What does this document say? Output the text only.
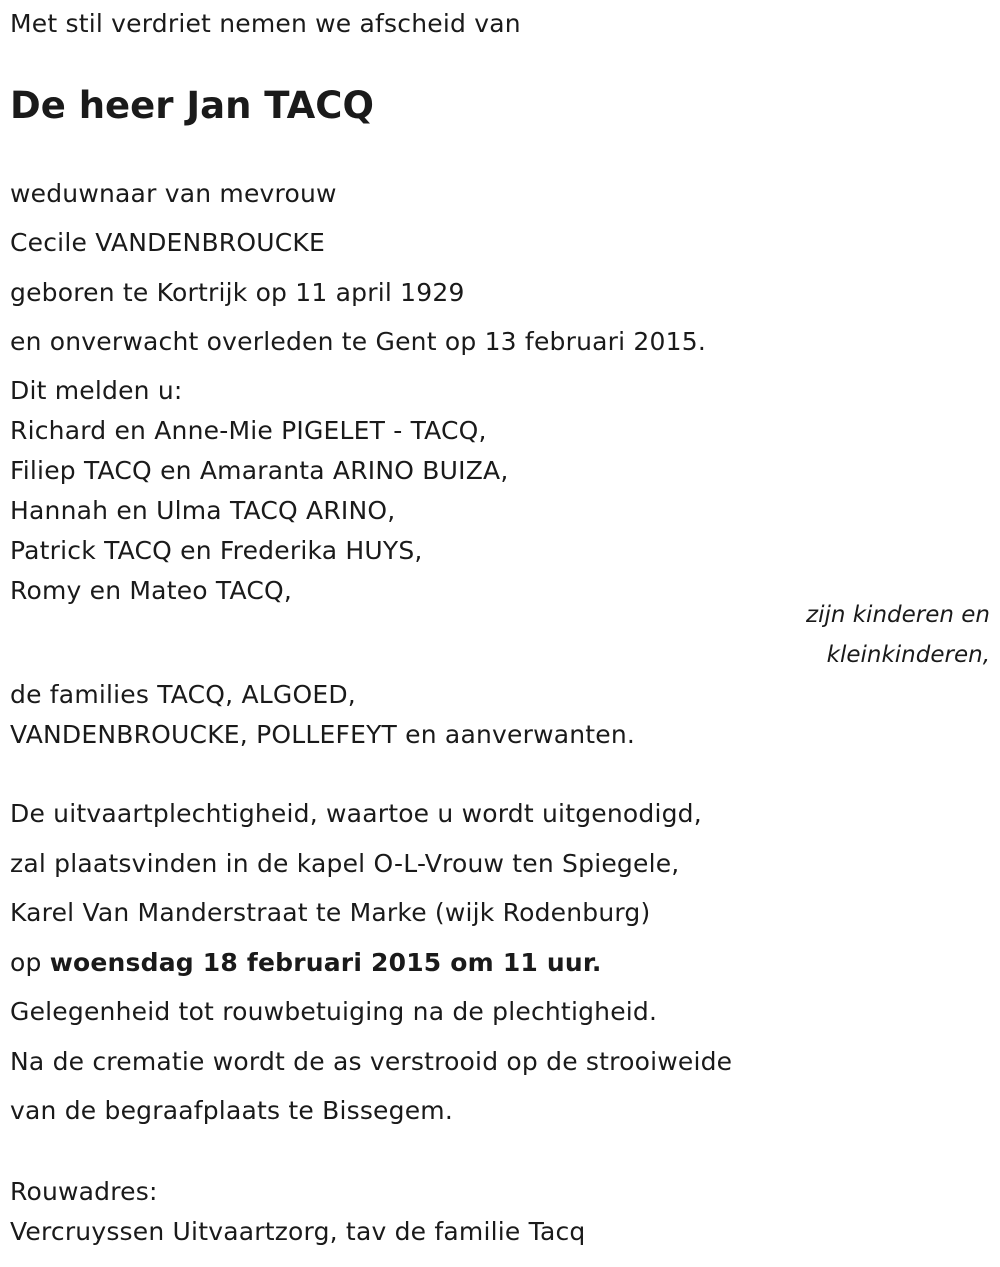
Met stil verdriet nemen we afscheid van
De heer Jan TACQ
weduwnaar van mevrouw
Cecile VANDENBROUCKE
geboren te Kortrijk op 11 april 1929
en onverwacht overleden te Gent op 13 februari 2015.
Dit melden u:
Richard en Anne-Mie PIGELET - TACQ,
Filiep TACQ en Amaranta ARINO BUIZA,
Hannah en Ulma TACQ ARINO,
Patrick TACQ en Frederika HUYS,
Romy en Mateo TACQ,
zijn kinderen en
kleinkinderen,
de families TACQ, ALGOED,
VANDENBROUCKE, POLLEFEYT en aanverwanten.
De uitvaartplechtigheid, waartoe u wordt uitgenodigd,
zal plaatsvinden in de kapel O-L-Vrouw ten Spiegele,
Karel Van Manderstraat te Marke (wijk Rodenburg)
op woensdag 18 februari 2015 om 11 uur.
Gelegenheid tot rouwbetuiging na de plechtigheid.
Na de crematie wordt de as verstrooid op de strooiweide
van de begraafplaats te Bissegem.
Rouwadres:
Vercruyssen Uitvaartzorg, tav de familie Tacq
